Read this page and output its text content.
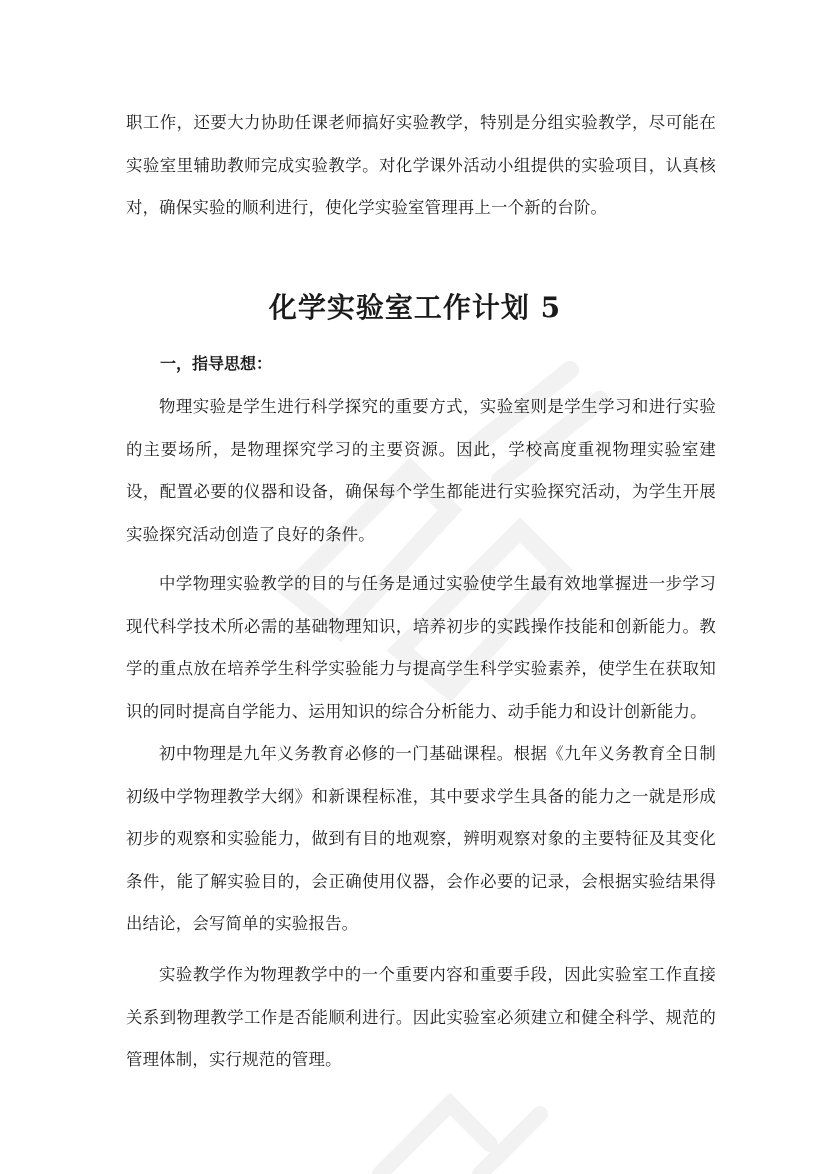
职工作，还要大力协助任课老师搞好实验教学，特别是分组实验教学，尽可能在实验室里辅助教师完成实验教学。对化学课外活动小组提供的实验项目，认真核对，确保实验的顺利进行，使化学实验室管理再上一个新的台阶。

化学实验室工作计划 5
一，指导思想：

物理实验是学生进行科学探究的重要方式，实验室则是学生学习和进行实验的主要场所，是物理探究学习的主要资源。因此，学校高度重视物理实验室建设，配置必要的仪器和设备，确保每个学生都能进行实验探究活动，为学生开展实验探究活动创造了良好的条件。

中学物理实验教学的目的与任务是通过实验使学生最有效地掌握进一步学习现代科学技术所必需的基础物理知识，培养初步的实践操作技能和创新能力。教学的重点放在培养学生科学实验能力与提高学生科学实验素养，使学生在获取知识的同时提高自学能力、运用知识的综合分析能力、动手能力和设计创新能力。

初中物理是九年义务教育必修的一门基础课程。根据《九年义务教育全日制初级中学物理教学大纲》和新课程标准，其中要求学生具备的能力之一就是形成初步的观察和实验能力，做到有目的地观察，辨明观察对象的主要特征及其变化条件，能了解实验目的，会正确使用仪器，会作必要的记录，会根据实验结果得出结论，会写简单的实验报告。

实验教学作为物理教学中的一个重要内容和重要手段，因此实验室工作直接关系到物理教学工作是否能顺利进行。因此实验室必须建立和健全科学、规范的管理体制，实行规范的管理。
